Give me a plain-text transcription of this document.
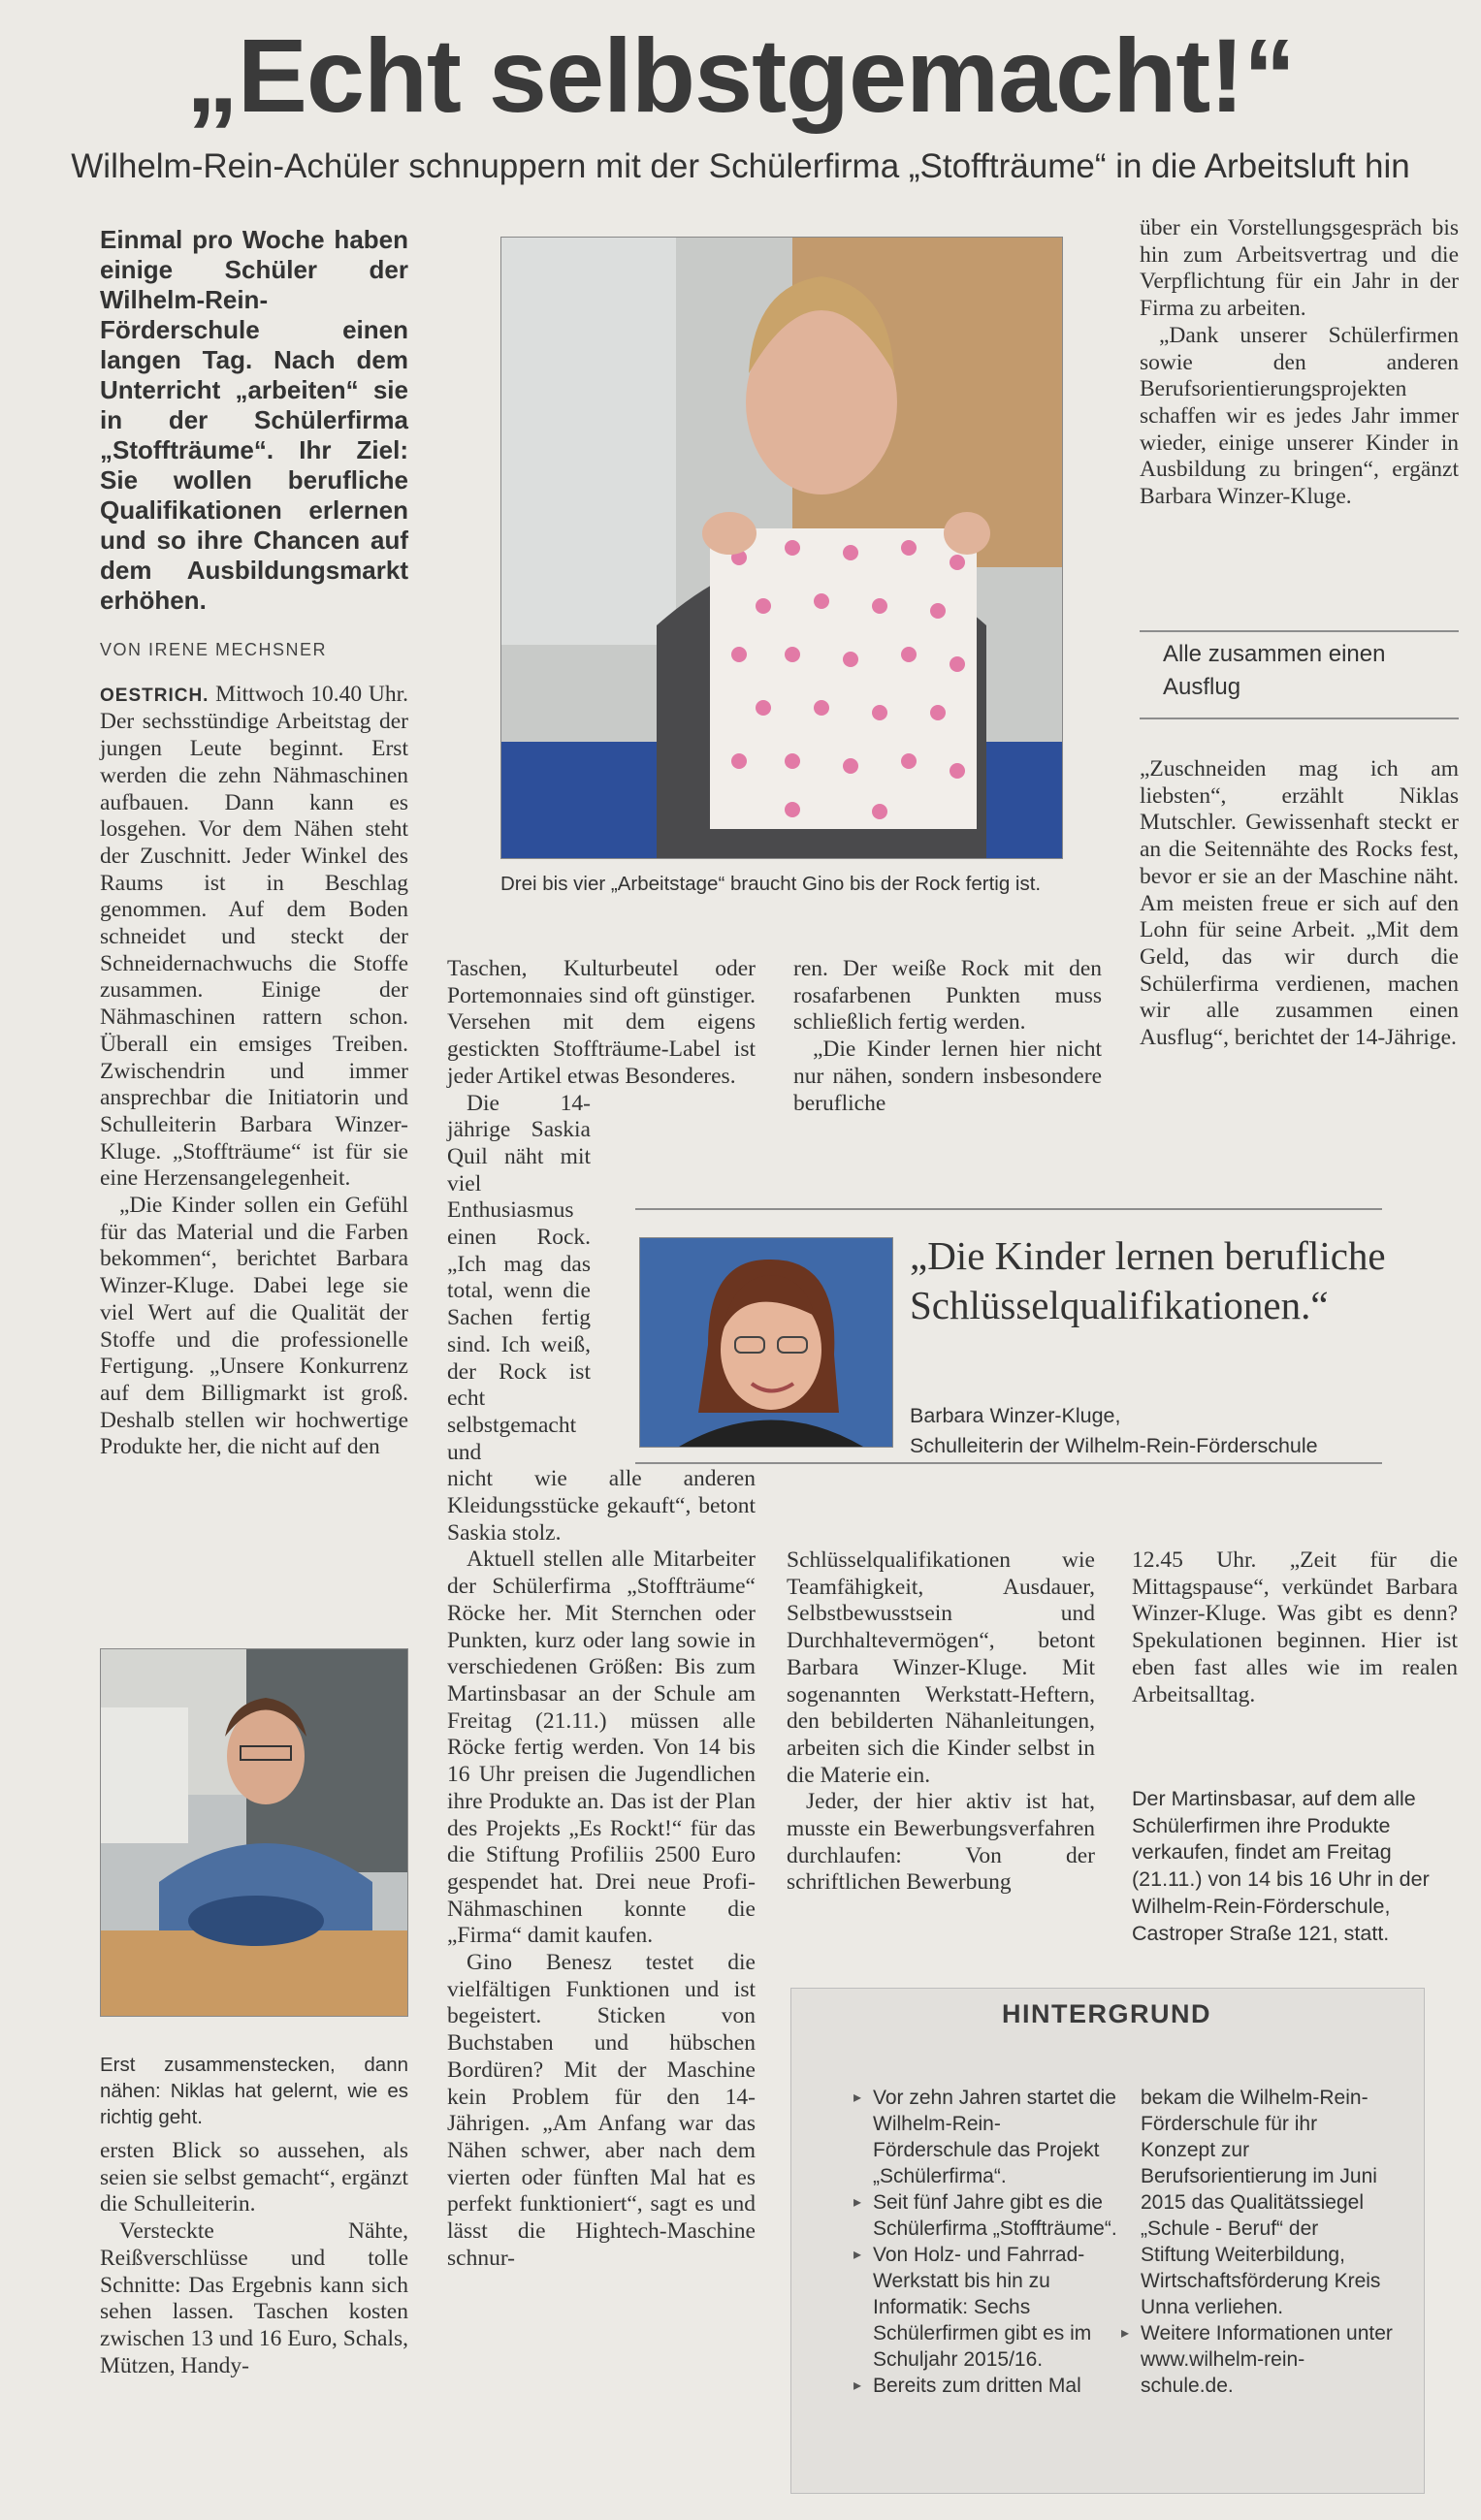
„Echt selbstgemacht!“
Wilhelm-Rein-Achüler schnuppern mit der Schülerfirma „Stoffträume“ in die Arbeitsluft hin

Einmal pro Woche haben einige Schüler der Wilhelm-Rein-Förderschule einen langen Tag. Nach dem Unterricht „arbeiten“ sie in der Schülerfirma „Stoffträume“. Ihr Ziel: Sie wollen berufliche Qualifikationen erlernen und so ihre Chancen auf dem Ausbildungsmarkt erhöhen.

VON IRENE MECHSNER

OESTRICH. Mittwoch 10.40 Uhr. Der sechsstündige Arbeitstag der jungen Leute beginnt. Erst werden die zehn Nähmaschinen aufbauen. Dann kann es losgehen. Vor dem Nähen steht der Zuschnitt. Jeder Winkel des Raums ist in Beschlag genommen. Auf dem Boden schneidet und steckt der Schneidernachwuchs die Stoffe zusammen. Einige der Nähmaschinen rattern schon. Überall ein emsiges Treiben. Zwischendrin und immer ansprechbar die Initiatorin und Schulleiterin Barbara Winzer-Kluge. „Stoffträume“ ist für sie eine Herzensangelegenheit.

„Die Kinder sollen ein Gefühl für das Material und die Farben bekommen“, berichtet Barbara Winzer-Kluge. Dabei lege sie viel Wert auf die Qualität der Stoffe und die professionelle Fertigung. „Unsere Konkurrenz auf dem Billigmarkt ist groß. Deshalb stellen wir hochwertige Produkte her, die nicht auf den

Erst zusammenstecken, dann nähen: Niklas hat gelernt, wie es richtig geht.

ersten Blick so aussehen, als seien sie selbst gemacht“, ergänzt die Schulleiterin.

Versteckte Nähte, Reißverschlüsse und tolle Schnitte: Das Ergebnis kann sich sehen lassen. Taschen kosten zwischen 13 und 16 Euro, Schals, Mützen, Handy-

Drei bis vier „Arbeitstage“ braucht Gino bis der Rock fertig ist.

Taschen, Kulturbeutel oder Portemonnaies sind oft günstiger. Versehen mit dem eigens gestickten Stoffträume-Label ist jeder Artikel etwas Besonderes.

Die 14-jährige Saskia Quil näht mit viel Enthusiasmus einen Rock. „Ich mag das total, wenn die Sachen fertig sind. Ich weiß, der Rock ist echt selbstgemacht und

nicht wie alle anderen Kleidungsstücke gekauft“, betont Saskia stolz.

Aktuell stellen alle Mitarbeiter der Schülerfirma „Stoffträume“ Röcke her. Mit Sternchen oder Punkten, kurz oder lang sowie in verschiedenen Größen: Bis zum Martinsbasar an der Schule am Freitag (21.11.) müssen alle Röcke fertig werden. Von 14 bis 16 Uhr preisen die Jugendlichen ihre Produkte an. Das ist der Plan des Projekts „Es Rockt!“ für das die Stiftung Profiliis 2500 Euro gespendet hat. Drei neue Profi-Nähmaschinen konnte die „Firma“ damit kaufen.

Gino Benesz testet die vielfältigen Funktionen und ist begeistert. Sticken von Buchstaben und hübschen Bordüren? Mit der Maschine kein Problem für den 14-Jährigen. „Am Anfang war das Nähen schwer, aber nach dem vierten oder fünften Mal hat es perfekt funktioniert“, sagt es und lässt die Hightech-Maschine schnur-

ren. Der weiße Rock mit den rosafarbenen Punkten muss schließlich fertig werden.

„Die Kinder lernen hier nicht nur nähen, sondern insbesondere berufliche

„Die Kinder lernen berufliche Schlüsselqualifikationen.“
Barbara Winzer-Kluge,
Schulleiterin der Wilhelm-Rein-Förderschule

Schlüsselqualifikationen wie Teamfähigkeit, Ausdauer, Selbstbewusstsein und Durchhaltevermögen“, betont Barbara Winzer-Kluge. Mit sogenannten Werkstatt-Heftern, den bebilderten Nähanleitungen, arbeiten sich die Kinder selbst in die Materie ein.

Jeder, der hier aktiv ist hat, musste ein Bewerbungsverfahren durchlaufen: Von der schriftlichen Bewerbung

über ein Vorstellungsgespräch bis hin zum Arbeitsvertrag und die Verpflichtung für ein Jahr in der Firma zu arbeiten.

„Dank unserer Schülerfirmen sowie den anderen Berufsorientierungsprojekten schaffen wir es jedes Jahr immer wieder, einige unserer Kinder in Ausbildung zu bringen“, ergänzt Barbara Winzer-Kluge.

Alle zusammen einen Ausflug

„Zuschneiden mag ich am liebsten“, erzählt Niklas Mutschler. Gewissenhaft steckt er an die Seitennähte des Rocks fest, bevor er sie an der Maschine näht. Am meisten freue er sich auf den Lohn für seine Arbeit. „Mit dem Geld, das wir durch die Schülerfirma verdienen, machen wir alle zusammen einen Ausflug“, berichtet der 14-Jährige.

12.45 Uhr. „Zeit für die Mittagspause“, verkündet Barbara Winzer-Kluge. Was gibt es denn? Spekulationen beginnen. Hier ist eben fast alles wie im realen Arbeitsalltag.

Der Martinsbasar, auf dem alle Schülerfirmen ihre Produkte verkaufen, findet am Freitag (21.11.) von 14 bis 16 Uhr in der Wilhelm-Rein-Förderschule, Castroper Straße 121, statt.

HINTERGRUND
▸ Vor zehn Jahren startet die Wilhelm-Rein-Förderschule das Projekt „Schülerfirma“.
▸ Seit fünf Jahre gibt es die Schülerfirma „Stoffträume“.
▸ Von Holz- und Fahrrad-Werkstatt bis hin zu Informatik: Sechs Schülerfirmen gibt es im Schuljahr 2015/16.
▸ Bereits zum dritten Mal
bekam die Wilhelm-Rein-Förderschule für ihr Konzept zur Berufsorientierung im Juni 2015 das Qualitätssiegel „Schule - Beruf“ der Stiftung Weiterbildung, Wirtschaftsförderung Kreis Unna verliehen.
▸ Weitere Informationen unter www.wilhelm-rein-schule.de.
